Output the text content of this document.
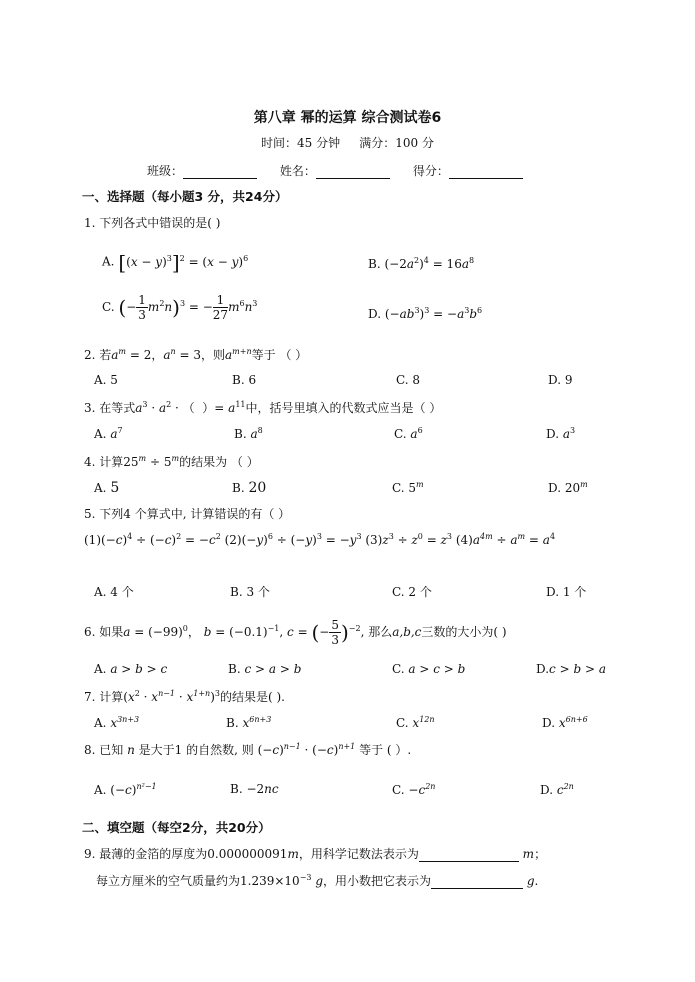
第八章 幂的运算 综合测试卷6
时间：45 分钟 满分：100 分
班级：	姓名：	得分：
一、选择题（每小题3 分，共24分）
1. 下列各式中错误的是( )
A. $[(x - y)^3]^2 = (x - y)^6$	B. $(-2a^2)^4 = 16a^8$
C. (− $\frac{1}{3} m^2n)^3$ = − $\frac{1}{27} m^6n^3$
D. $(-ab^3)^3 = -a^3b^6$
2. 若$a^m = 2$，$a^n = 3$，则$a^{m+n}$等于 （ ）
A. 5	B. 6	C. 8	D. 9
3. 在等式$a^3 \cdot a^2$ · （  ）= $a^{11}$中，括号里填入的代数式应当是（ ）
A. $a^7$	B. $a^8$	C. $a^6$	D. $a^3$
4. 计算$25^m \div 5^m$的结果为 （ ）
A. 5	B. 20	C. 5$^m$	D. 20$^m$
5. 下列4 个算式中, 计算错误的有（ ）
$(1)(-c)^4 \div (-c)^2 = -c^2$ $(2)(-y)^6 \div (-y)^3 = -y^3$ $(3)z^3 \div z^0 = z^3$ $(4)a^{4m} \div a^m = a^4$
A. 4 个	B. 3 个	C. 2 个	D. 1 个
6. 如果$a = (-99)^0$， $b = (-0.1)^{-1}$, c = (− $\frac{5}{3} )^{-2}$, 那么a,b,c三数的大小为( )
A. a > b > c	B. c > a > b	C. a > c > b	D.c > b > a
7. 计算$(x^2 \cdot x^{n-1} \cdot x^{1+n})^3$的结果是( ).
A. $x^{3n+3}$	B. $x^{6n+3}$	C. $x^{12n}$	D. $x^{6n+6}$
8. 已知 n 是大于1 的自然数, 则 $(-c)^{n-1} \cdot (-c)^{n+1}$ 等于 ( ）.
A. $(-c)^{n^2-1}$	B. −2nc	C. $-c^{2n}$	D. $c^{2n}$
二、填空题（每空2分，共20分）
9. 最薄的金箔的厚度为0.000000091m，用科学记数法表示为	m；
每立方厘米的空气质量约为$1.239\times 10^{-3}$ g，用小数把它表示为	g.
